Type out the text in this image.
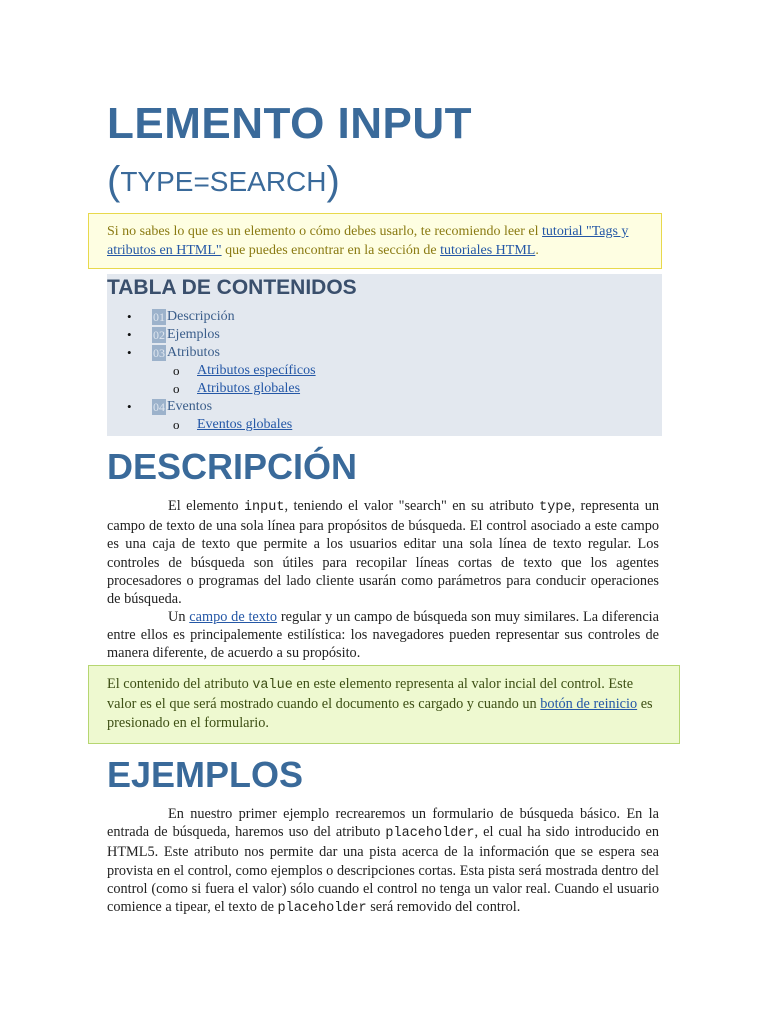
LEMENTO INPUT
(TYPE=SEARCH)
Si no sabes lo que es un elemento o cómo debes usarlo, te recomiendo leer el tutorial "Tags y atributos en HTML" que puedes encontrar en la sección de tutoriales HTML.
TABLA DE CONTENIDOS
• 01 Descripción
• 02 Ejemplos
• 03 Atributos
o Atributos específicos
o Atributos globales
• 04 Eventos
o Eventos globales
DESCRIPCIÓN

El elemento input, teniendo el valor "search" en su atributo type, representa un campo de texto de una sola línea para propósitos de búsqueda. El control asociado a este campo es una caja de texto que permite a los usuarios editar una sola línea de texto regular. Los controles de búsqueda son útiles para recopilar líneas cortas de texto que los agentes procesadores o programas del lado cliente usarán como parámetros para conducir operaciones de búsqueda.

Un campo de texto regular y un campo de búsqueda son muy similares. La diferencia entre ellos es principalemente estilística: los navegadores pueden representar sus controles de manera diferente, de acuerdo a su propósito.

El contenido del atributo value en este elemento representa al valor incial del control. Este valor es el que será mostrado cuando el documento es cargado y cuando un botón de reinicio es presionado en el formulario.
EJEMPLOS

En nuestro primer ejemplo recrearemos un formulario de búsqueda básico. En la entrada de búsqueda, haremos uso del atributo placeholder, el cual ha sido introducido en HTML5. Este atributo nos permite dar una pista acerca de la información que se espera sea provista en el control, como ejemplos o descripciones cortas. Esta pista será mostrada dentro del control (como si fuera el valor) sólo cuando el control no tenga un valor real. Cuando el usuario comience a tipear, el texto de placeholder será removido del control.
